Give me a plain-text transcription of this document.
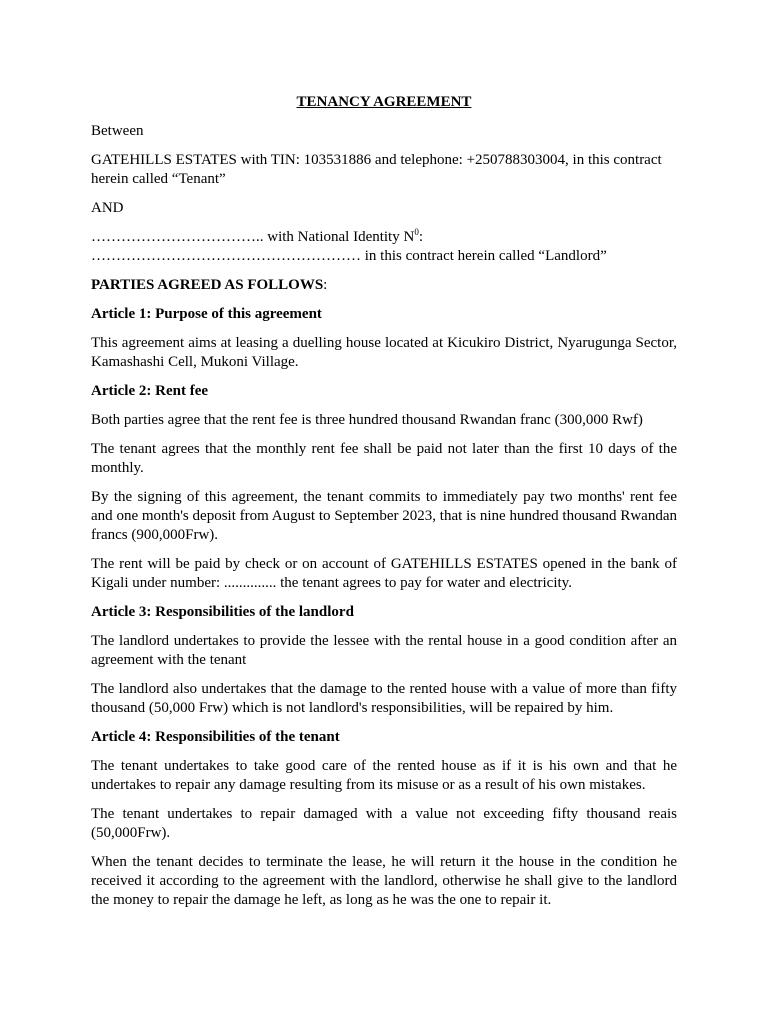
TENANCY AGREEMENT

Between

GATEHILLS ESTATES with TIN: 103531886 and telephone: +250788303004, in this contract herein called “Tenant”

AND

…………………………….. with National Identity $N^0$:
……………………………………………… in this contract herein called “Landlord”

PARTIES AGREED AS FOLLOWS:

Article 1: Purpose of this agreement

This agreement aims at leasing a duelling house located at Kicukiro District, Nyarugunga Sector, Kamashashi Cell, Mukoni Village.

Article 2: Rent fee

Both parties agree that the rent fee is three hundred thousand Rwandan franc (300,000 Rwf)

The tenant agrees that the monthly rent fee shall be paid not later than the first 10 days of the monthly.

By the signing of this agreement, the tenant commits to immediately pay two months' rent fee and one month's deposit from August to September 2023, that is nine hundred thousand Rwandan francs (900,000Frw).

The rent will be paid by check or on account of GATEHILLS ESTATES opened in the bank of Kigali under number: .............. the tenant agrees to pay for water and electricity.

Article 3: Responsibilities of the landlord

The landlord undertakes to provide the lessee with the rental house in a good condition after an agreement with the tenant

The landlord also undertakes that the damage to the rented house with a value of more than fifty thousand (50,000 Frw) which is not landlord's responsibilities, will be repaired by him.

Article 4: Responsibilities of the tenant

The tenant undertakes to take good care of the rented house as if it is his own and that he undertakes to repair any damage resulting from its misuse or as a result of his own mistakes.

The tenant undertakes to repair damaged with a value not exceeding fifty thousand reais (50,000Frw).

When the tenant decides to terminate the lease, he will return it the house in the condition he received it according to the agreement with the landlord, otherwise he shall give to the landlord the money to repair the damage he left, as long as he was the one to repair it.
